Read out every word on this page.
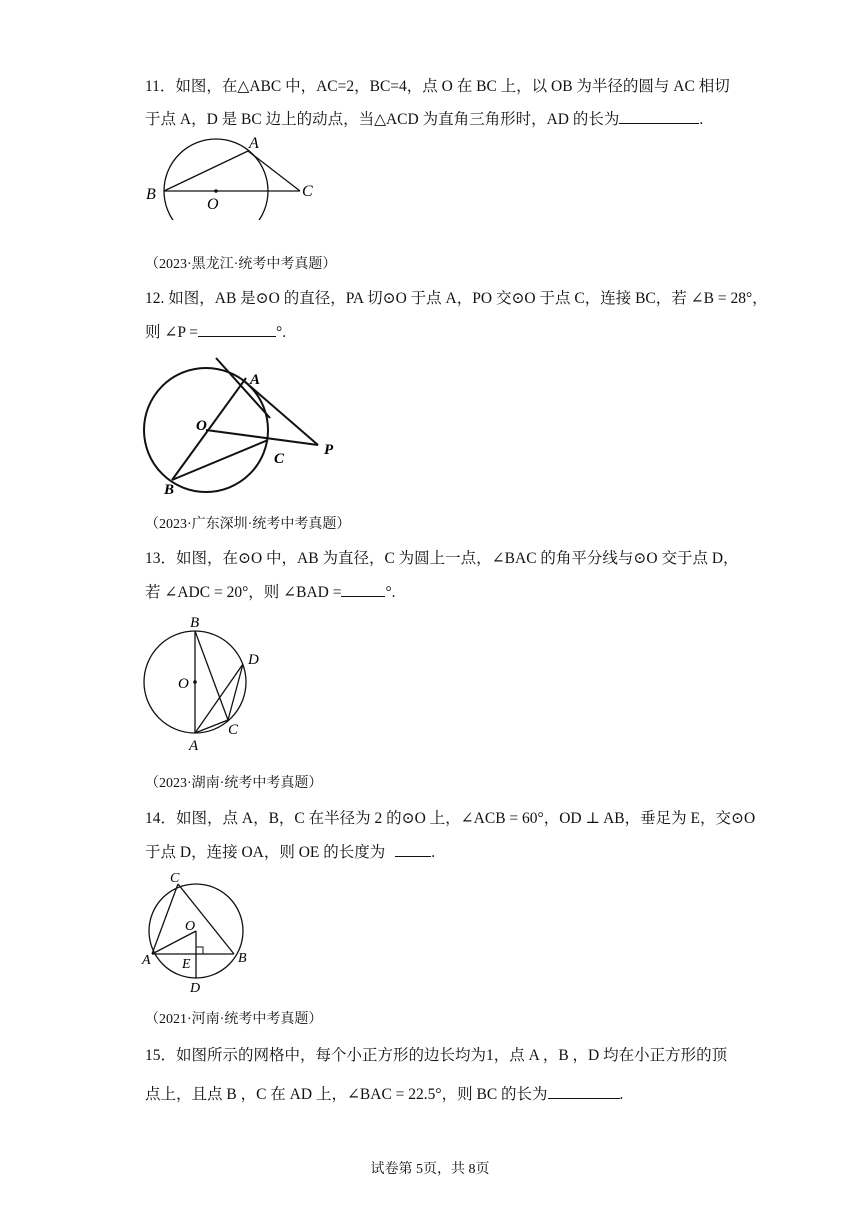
11．如图，在△ABC 中，AC=2，BC=4，点 O 在 BC 上，以 OB 为半径的圆与 AC 相切
于点 A，D 是 BC 边上的动点，当△ACD 为直角三角形时，AD 的长为	.
A
B	C
O
（2023·黑龙江·统考中考真题）
12. 如图，AB 是⊙O 的直径，PA 切⊙O 于点 A，PO 交⊙O 于点 C，连接 BC，若 ∠B = 28°，
则 ∠P =	°.
A
O
C
P
B
（2023·广东深圳·统考中考真题）
13．如图，在⊙O 中，AB 为直径，C 为圆上一点，∠BAC 的角平分线与⊙O 交于点 D，
若 ∠ADC = 20°，则 ∠BAD =	°.
B
O
D
C
A
（2023·湖南·统考中考真题）
14．如图，点 A，B，C 在半径为 2 的⊙O 上，∠ACB = 60°，OD ⊥ AB，垂足为 E，交⊙O
于点 D，连接 OA，则 OE 的长度为	.
C
O
A E	B
D
（2021·河南·统考中考真题）
15．如图所示的网格中，每个小正方形的边长均为1，点 A ，B ，D 均在小正方形的顶
点上，且点 B ，C 在 AD 上，∠BAC = 22.5°，则 BC 的长为	.
试卷第 5页，共 8页
